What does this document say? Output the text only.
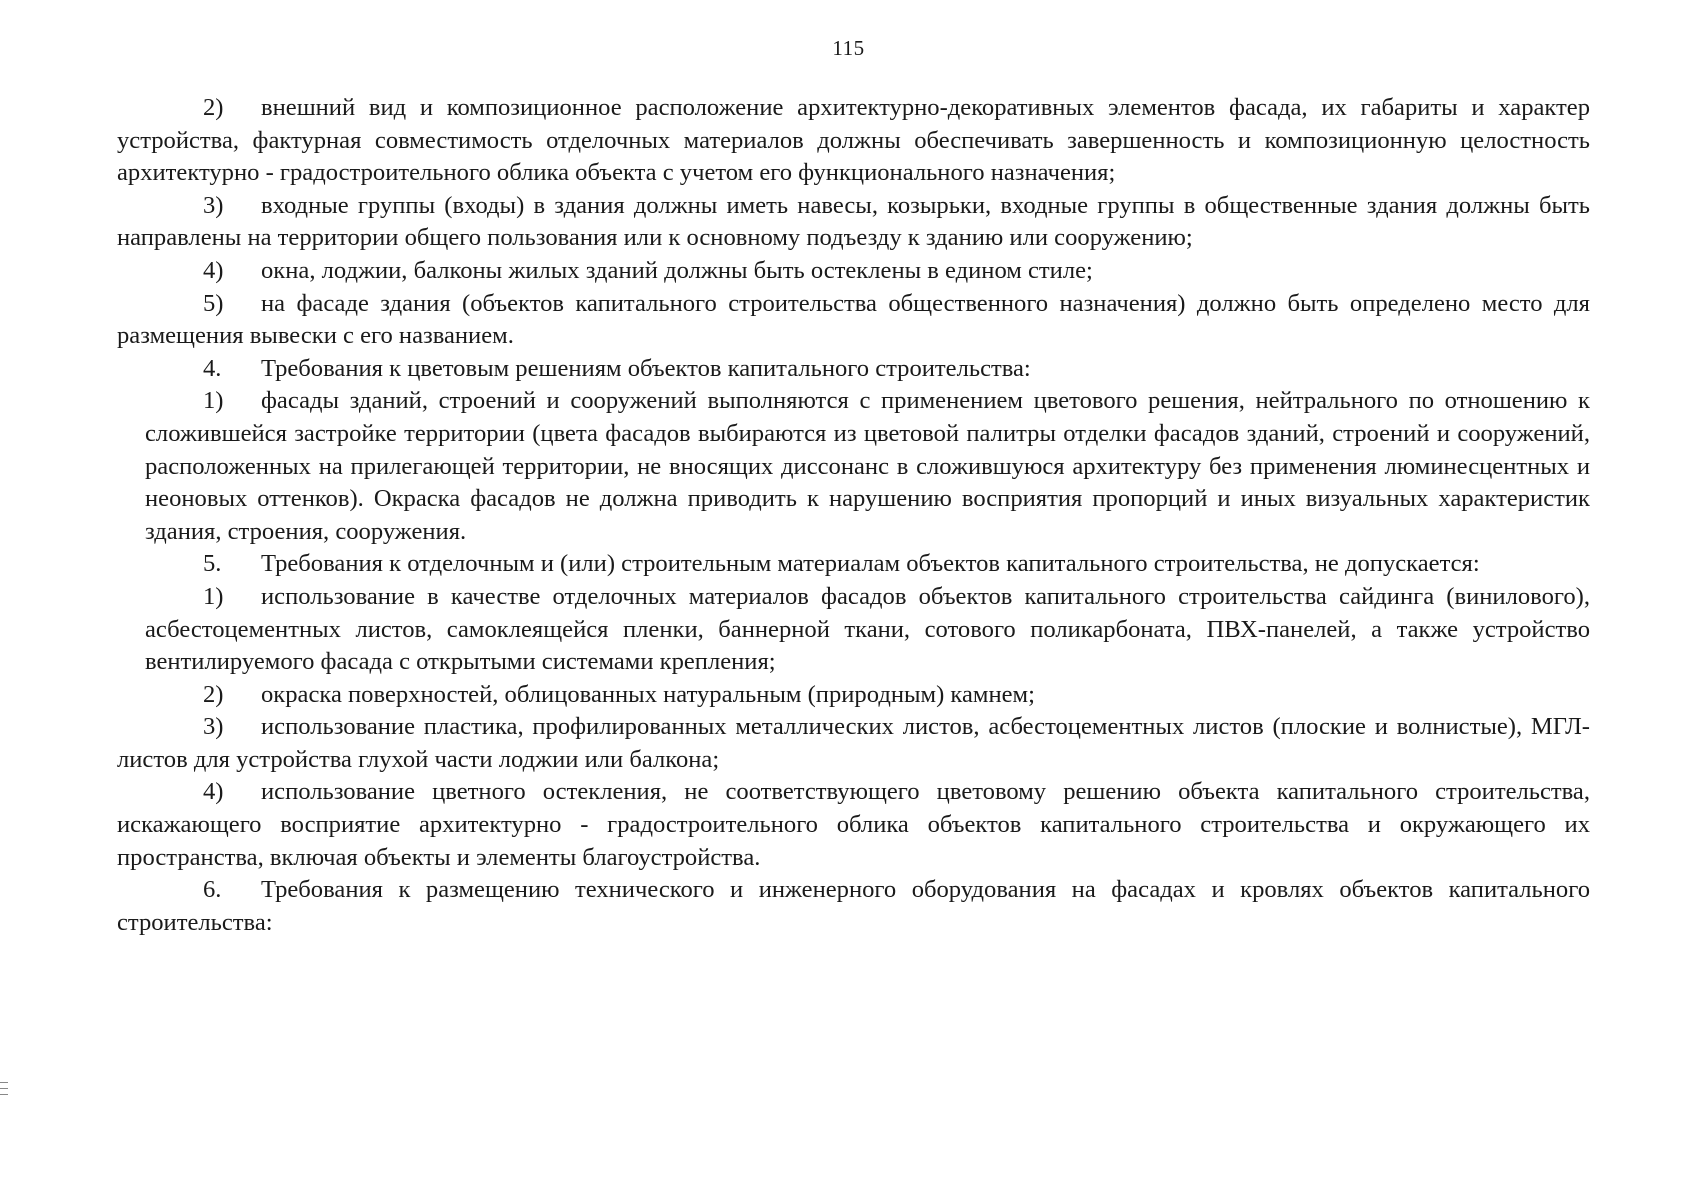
115

2) внешний вид и композиционное расположение архитектурно-декоративных элементов фасада, их габариты и характер устройства, фактурная совместимость отделочных материалов должны обеспечивать завершенность и композиционную целостность архитектурно - градостроительного облика объекта с учетом его функционального назначения;

3) входные группы (входы) в здания должны иметь навесы, козырьки, входные группы в общественные здания должны быть направлены на территории общего пользования или к основному подъезду к зданию или сооружению;

4) окна, лоджии, балконы жилых зданий должны быть остеклены в едином стиле;

5) на фасаде здания (объектов капитального строительства общественного назначения) должно быть определено место для размещения вывески с его названием.

4. Требования к цветовым решениям объектов капитального строительства:

1) фасады зданий, строений и сооружений выполняются с применением цветового решения, нейтрального по отношению к сложившейся застройке территории (цвета фасадов выбираются из цветовой палитры отделки фасадов зданий, строений и сооружений, расположенных на прилегающей территории, не вносящих диссонанс в сложившуюся архитектуру без применения люминесцентных и неоновых оттенков). Окраска фасадов не должна приводить к нарушению восприятия пропорций и иных визуальных характеристик здания, строения, сооружения.

5. Требования к отделочным и (или) строительным материалам объектов капитального строительства, не допускается:

1) использование в качестве отделочных материалов фасадов объектов капитального строительства сайдинга (винилового), асбестоцементных листов, самоклеящейся пленки, баннерной ткани, сотового поликарбоната, ПВХ-панелей, а также устройство вентилируемого фасада с открытыми системами крепления;

2) окраска поверхностей, облицованных натуральным (природным) камнем;

3) использование пластика, профилированных металлических листов, асбестоцементных листов (плоские и волнистые), МГЛ-листов для устройства глухой части лоджии или балкона;

4) использование цветного остекления, не соответствующего цветовому решению объекта капитального строительства, искажающего восприятие архитектурно - градостроительного облика объектов капитального строительства и окружающего их пространства, включая объекты и элементы благоустройства.

6. Требования к размещению технического и инженерного оборудования на фасадах и кровлях объектов капитального строительства:
